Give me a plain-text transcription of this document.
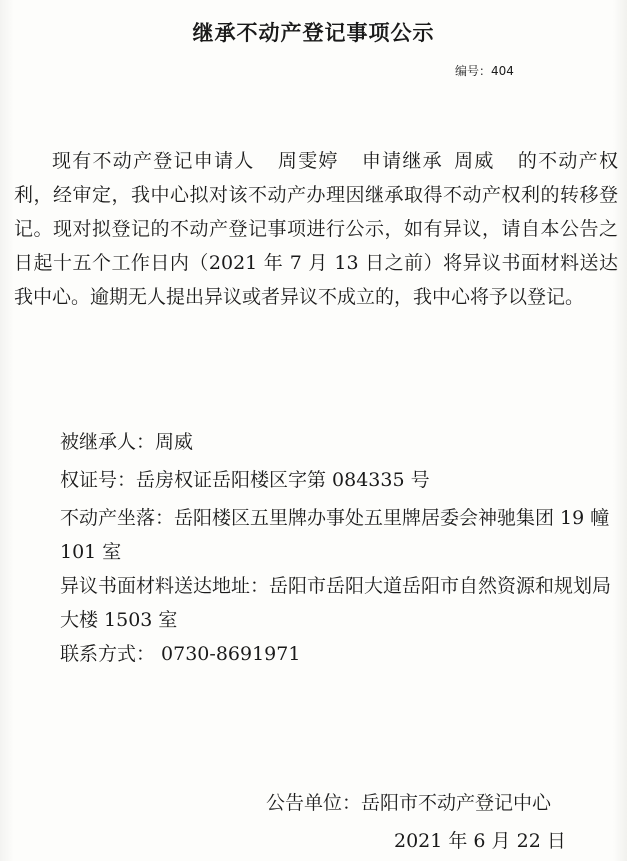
继承不动产登记事项公示
编号：404

现有不动产登记申请人 周雯婷 申请继承 周威 的不动产权利，经审定，我中心拟对该不动产办理因继承取得不动产权利的转移登记。现对拟登记的不动产登记事项进行公示，如有异议，请自本公告之日起十五个工作日内（2021 年 7 月 13 日之前）将异议书面材料送达我中心。逾期无人提出异议或者异议不成立的，我中心将予以登记。

被继承人：周威

权证号：岳房权证岳阳楼区字第 084335 号

不动产坐落：岳阳楼区五里牌办事处五里牌居委会神驰集团 19 幢 101 室

异议书面材料送达地址：岳阳市岳阳大道岳阳市自然资源和规划局大楼 1503 室

联系方式： 0730-8691971

公告单位：岳阳市不动产登记中心
2021 年 6 月 22 日
